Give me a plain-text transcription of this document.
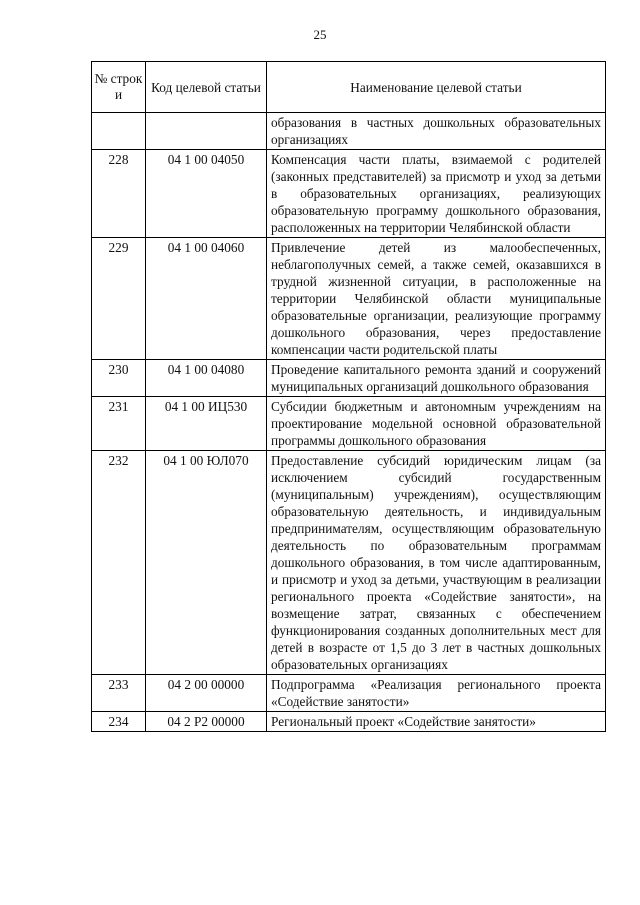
25
№ строк и	Код целевой статьи	Наименование целевой статьи
		образования в частных дошкольных образовательных организациях
228	04 1 00 04050	Компенсация части платы, взимаемой с родителей (законных представителей) за присмотр и уход за детьми в образовательных организациях, реализующих образовательную программу дошкольного образования, расположенных на территории Челябинской области
229	04 1 00 04060	Привлечение детей из малообеспеченных, неблагополучных семей, а также семей, оказавшихся в трудной жизненной ситуации, в расположенные на территории Челябинской области муниципальные образовательные организации, реализующие программу дошкольного образования, через предоставление компенсации части родительской платы
230	04 1 00 04080	Проведение капитального ремонта зданий и сооружений муниципальных организаций дошкольного образования
231	04 1 00 ИЦ530	Субсидии бюджетным и автономным учреждениям на проектирование модельной основной образовательной программы дошкольного образования
232	04 1 00 ЮЛ070	Предоставление субсидий юридическим лицам (за исключением субсидий государственным (муниципальным) учреждениям), осуществляющим образовательную деятельность, и индивидуальным предпринимателям, осуществляющим образовательную деятельность по образовательным программам дошкольного образования, в том числе адаптированным, и присмотр и уход за детьми, участвующим в реализации регионального проекта «Содействие занятости», на возмещение затрат, связанных с обеспечением функционирования созданных дополнительных мест для детей в возрасте от 1,5 до 3 лет в частных дошкольных образовательных организациях
233	04 2 00 00000	Подпрограмма «Реализация регионального проекта «Содействие занятости»
234	04 2 Р2 00000	Региональный проект «Содействие занятости»
